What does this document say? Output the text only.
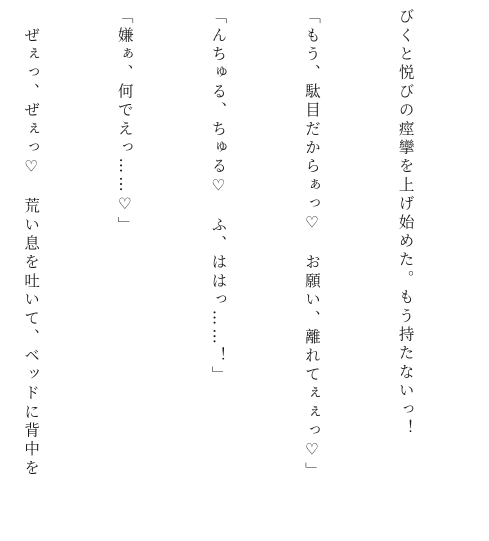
びくと悦びの痙攣を上げ始めた。もう持たないっ！

「もう、駄目だからぁっ♡　お願い、離れてぇぇっ♡」

「んちゅる、ちゅる♡　ふ、ははっ……！」

「嫌ぁ、何でえっ……♡」

　ぜぇっ、ぜぇっ♡　荒い息を吐いて、ベッドに背中を
